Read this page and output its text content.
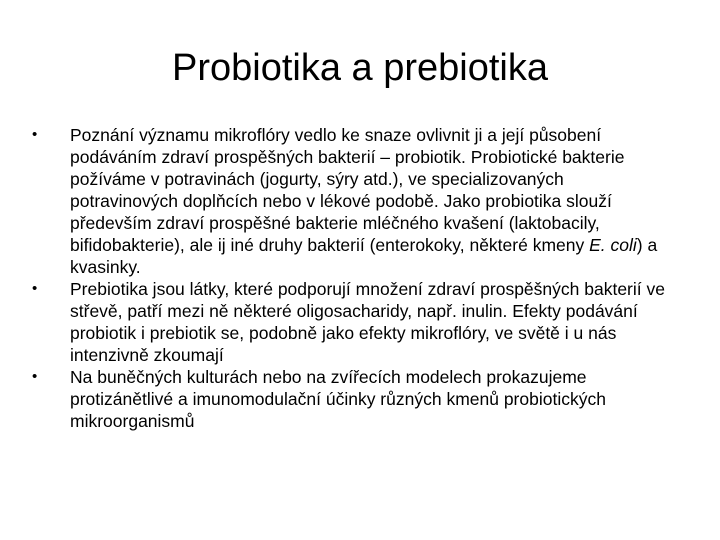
Probiotika a prebiotika
•	Poznání významu mikroflóry vedlo ke snaze ovlivnit ji a její působení podáváním zdraví prospěšných bakterií – probiotik. Probiotické bakterie požíváme v potravinách (jogurty, sýry atd.), ve specializovaných potravinových doplňcích nebo v lékové podobě. Jako probiotika slouží především zdraví prospěšné bakterie mléčného kvašení (laktobacily, bifidobakterie), ale ij iné druhy bakterií (enterokoky, některé kmeny E. coli) a kvasinky.
•	Prebiotika jsou látky, které podporují množení zdraví prospěšných bakterií ve střevě, patří mezi ně některé oligosacharidy, např. inulin. Efekty podávání probiotik i prebiotik se, podobně jako efekty mikroflóry, ve světě i u nás intenzivně zkoumají
•	Na buněčných kulturách nebo na zvířecích modelech prokazujeme protizánětlivé a imunomodulační účinky různých kmenů probiotických mikroorganismů
